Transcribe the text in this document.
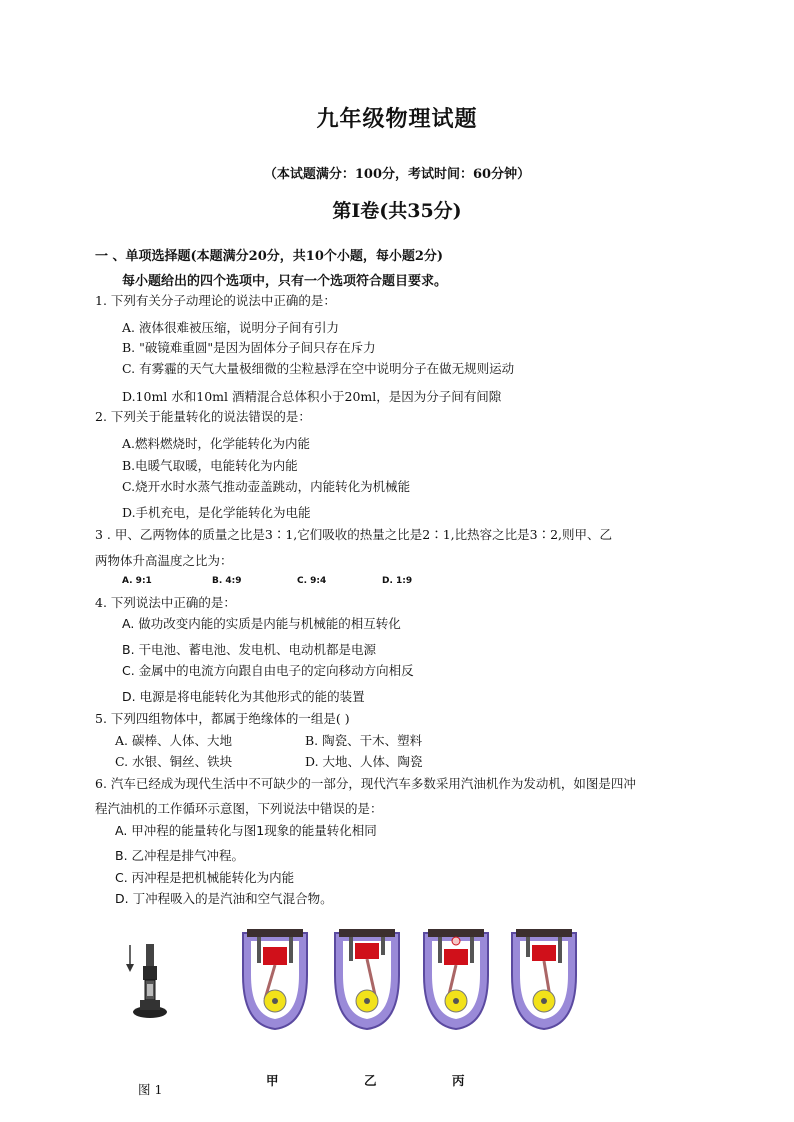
九年级物理试题
（本试题满分：100分，考试时间：60分钟）
第Ⅰ卷(共35分)
一 、单项选择题(本题满分20分，共10个小题，每小题2分)
每小题给出的四个选项中，只有一个选项符合题目要求。
1. 下列有关分子动理论的说法中正确的是：
A. 液体很难被压缩，说明分子间有引力
B. "破镜难重圆"是因为固体分子间只存在斥力
C. 有雾霾的天气大量极细微的尘粒悬浮在空中说明分子在做无规则运动
D.10ml 水和10ml 酒精混合总体积小于20ml，是因为分子间有间隙
2. 下列关于能量转化的说法错误的是：
A.燃料燃烧时，化学能转化为内能
B.电暖气取暖，电能转化为内能
C.烧开水时水蒸气推动壶盖跳动，内能转化为机械能
D.手机充电，是化学能转化为电能
3 . 甲、乙两物体的质量之比是3∶1,它们吸收的热量之比是2∶1,比热容之比是3∶2,则甲、乙
两物体升高温度之比为：
A. 9:1	B. 4:9	C. 9:4	D. 1:9
4. 下列说法中正确的是：
A. 做功改变内能的实质是内能与机械能的相互转化
B. 干电池、蓄电池、发电机、电动机都是电源
C. 金属中的电流方向跟自由电子的定向移动方向相反
D. 电源是将电能转化为其他形式的能的装置
5. 下列四组物体中，都属于绝缘体的一组是( )
A. 碳棒、人体、大地	B. 陶瓷、干木、塑料
C. 水银、铜丝、铁块	D. 大地、人体、陶瓷
6. 汽车已经成为现代生活中不可缺少的一部分，现代汽车多数采用汽油机作为发动机，如图是四冲
程汽油机的工作循环示意图，下列说法中错误的是：
A. 甲冲程的能量转化与图1现象的能量转化相同
B. 乙冲程是排气冲程。
C. 丙冲程是把机械能转化为内能
D. 丁冲程吸入的是汽油和空气混合物。
图 1
甲	乙	丙
